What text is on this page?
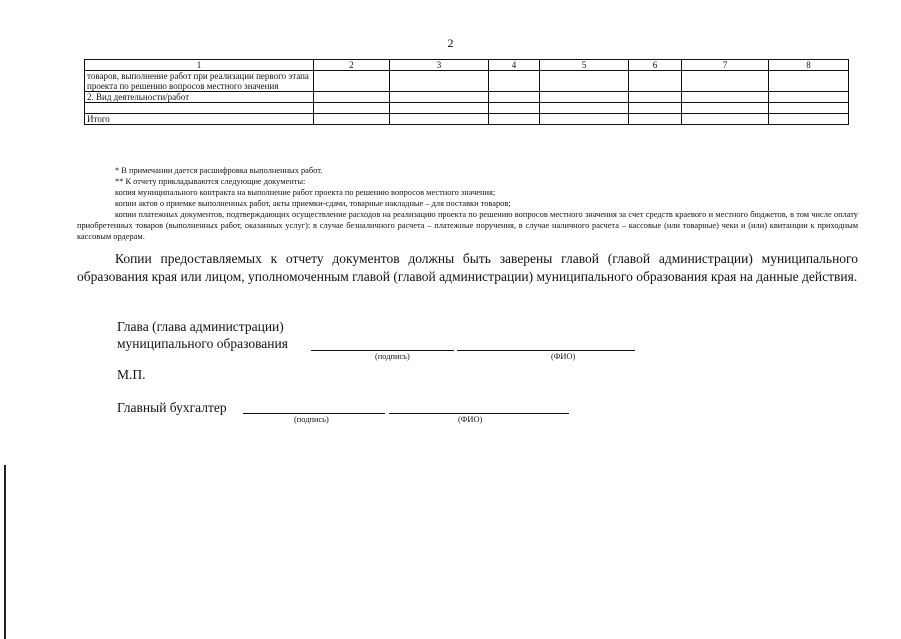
2
1	2	3	4	5	6	7	8
товаров, выполнение работ при реализации первого этапа проекта по решению вопросов местного значения							
2. Вид деятельности/работ							

Итого							

* В примечании дается расшифровка выполненных работ.

** К отчету прикладываются следующие документы:

копия муниципального контракта на выполнение работ проекта по решению вопросов местного значения;

копии актов о приемке выполненных работ, акты приемки-сдачи, товарные накладные – для поставки товаров;

копии платежных документов, подтверждающих осуществление расходов на реализацию проекта по решению вопросов местного значения за счет средств краевого и местного бюджетов, в том числе оплату приобретенных товаров (выполненных работ, оказанных услуг): в случае безналичного расчета – платежные поручения, в случае наличного расчета – кассовые (или товарные) чеки и (или) квитанции к приходным кассовым ордерам.

Копии предоставляемых к отчету документов должны быть заверены главой (главой администрации) муниципального образования края или лицом, уполномоченным главой (главой администрации) муниципального образования края на данные действия.

Глава (глава администрации)
муниципального образования
(подпись)	(ФИО)
М.П.
Главный бухгалтер
(подпись)	(ФИО)
